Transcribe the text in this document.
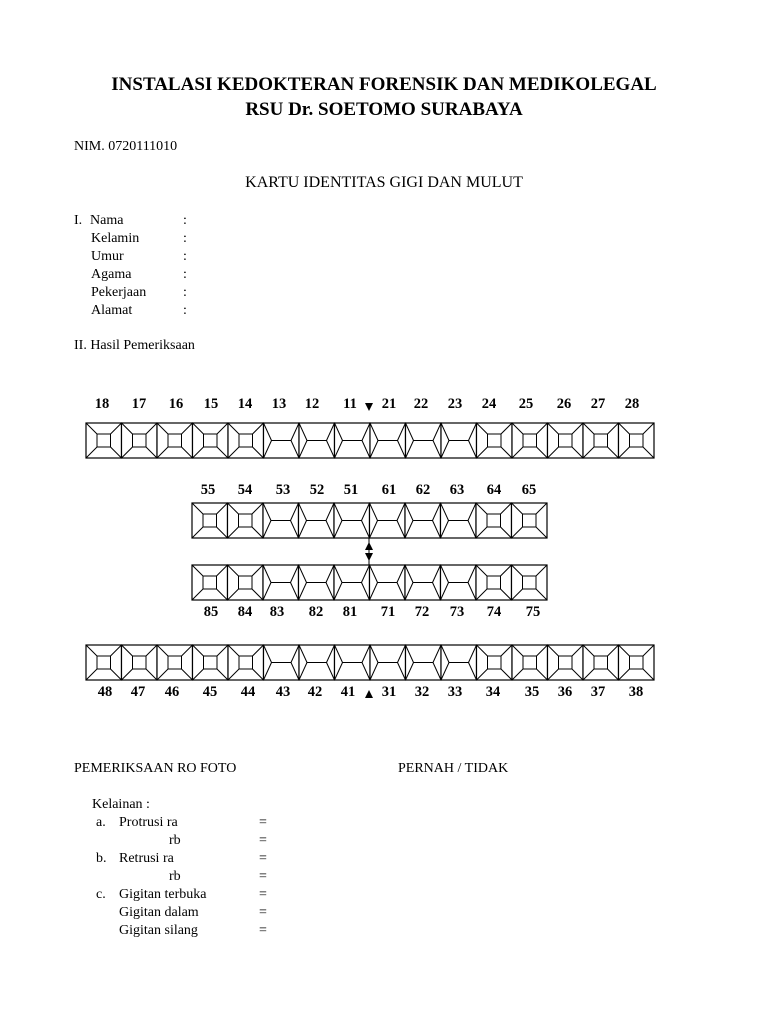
INSTALASI KEDOKTERAN FORENSIK DAN MEDIKOLEGAL
RSU Dr. SOETOMO SURABAYA
NIM. 0720111010
KARTU IDENTITAS GIGI DAN MULUT
I. Nama	:
Kelamin	:
Umur	:
Agama	:
Pekerjaan	:
Alamat	:
II. Hasil Pemeriksaan
18	17	16	15	14	13	12	11	21	22	23	24	25	26	27	28
55	54	53	52	51	61	62	63	64	65
85	84	83	82	81	71	72	73	74	75
48	47	46	45	44	43	42	41	31	32	33	34	35	36	37	38
PEMERIKSAAN RO FOTO	PERNAH / TIDAK
Kelainan :
a. Protrusi ra	=
rb	=
b. Retrusi ra	=
rb	=
c. Gigitan terbuka	=
Gigitan dalam	=
Gigitan silang	=
